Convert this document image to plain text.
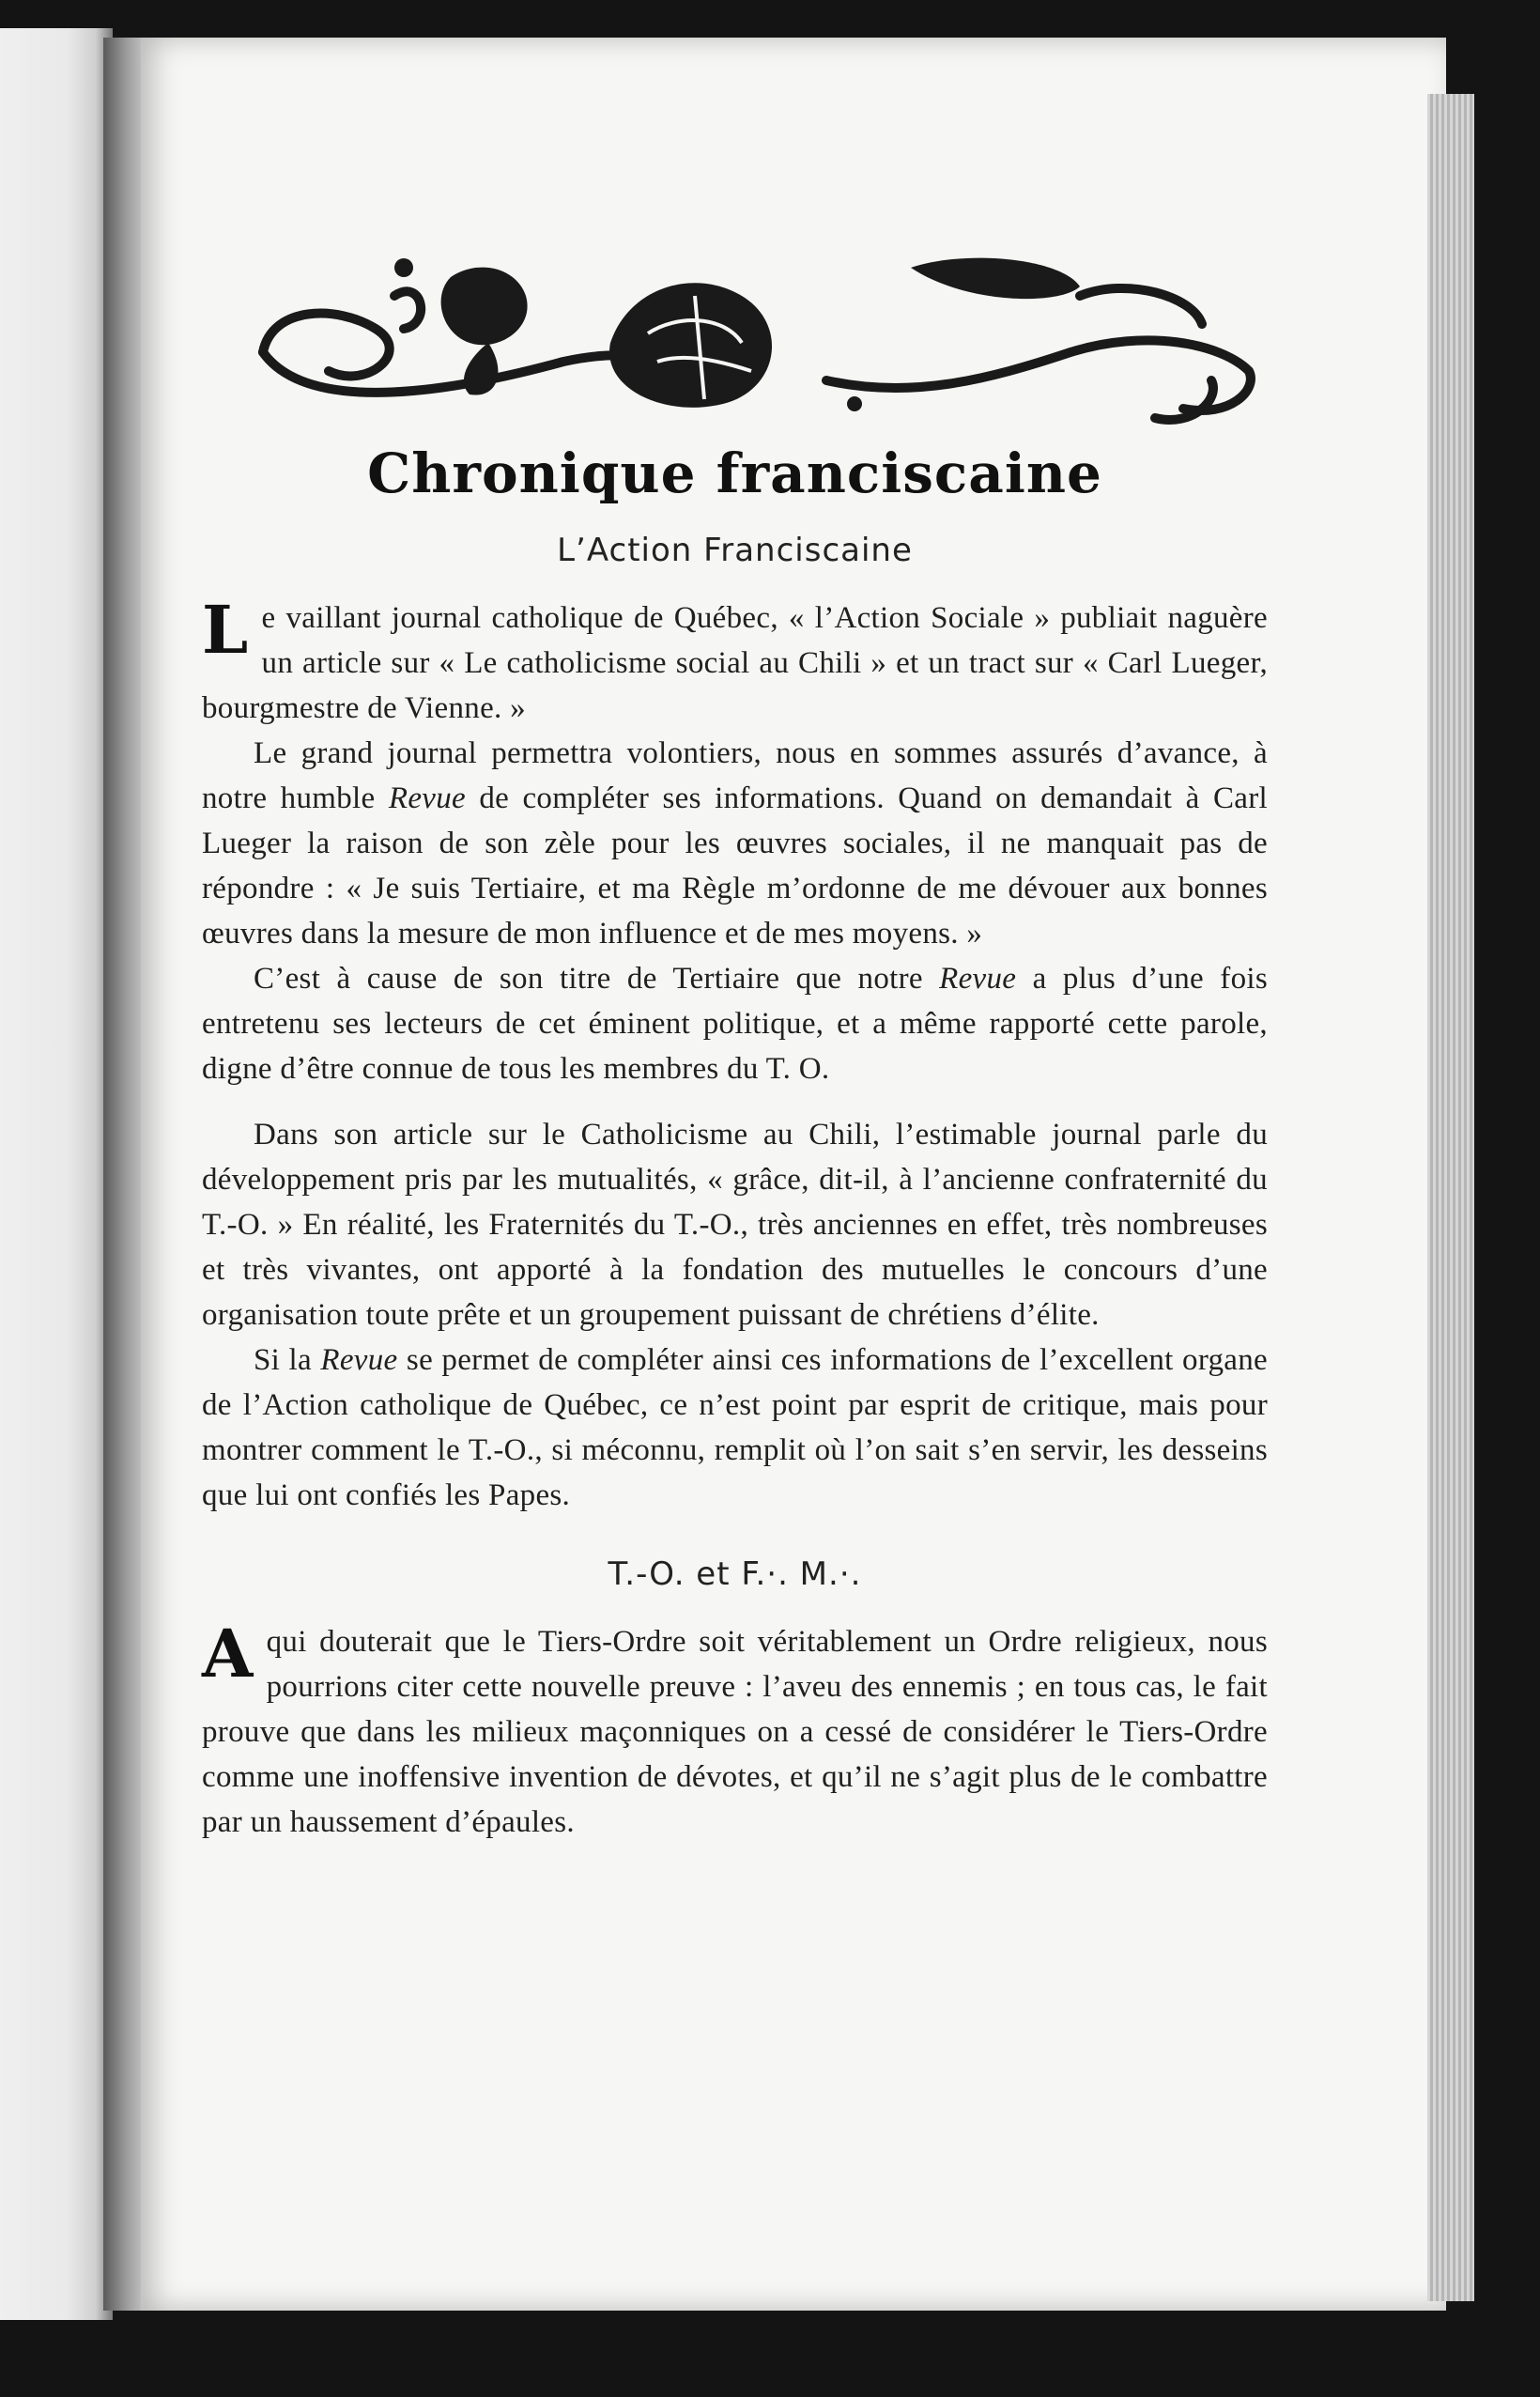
Chronique franciscaine
L’Action Franciscaine

Le vaillant journal catholique de Québec, « l’Action Sociale » publiait naguère un article sur « Le catholicisme social au Chili » et un tract sur « Carl Lueger, bourgmestre de Vienne. »

Le grand journal permettra volontiers, nous en sommes assurés d’avance, à notre humble Revue de compléter ses informations. Quand on demandait à Carl Lueger la raison de son zèle pour les œuvres sociales, il ne manquait pas de répondre : « Je suis Tertiaire, et ma Règle m’ordonne de me dévouer aux bonnes œuvres dans la mesure de mon influence et de mes moyens. »

C’est à cause de son titre de Tertiaire que notre Revue a plus d’une fois entretenu ses lecteurs de cet éminent politique, et a même rapporté cette parole, digne d’être connue de tous les membres du T. O.

Dans son article sur le Catholicisme au Chili, l’estimable journal parle du développement pris par les mutualités, « grâce, dit-il, à l’ancienne confraternité du T.-O. » En réalité, les Fraternités du T.-O., très anciennes en effet, très nombreuses et très vivantes, ont apporté à la fondation des mutuelles le concours d’une organisation toute prête et un groupement puissant de chrétiens d’élite.

Si la Revue se permet de compléter ainsi ces informations de l’excellent organe de l’Action catholique de Québec, ce n’est point par esprit de critique, mais pour montrer comment le T.-O., si méconnu, remplit où l’on sait s’en servir, les desseins que lui ont confiés les Papes.

T.-O. et F.·. M.·.

A qui douterait que le Tiers-Ordre soit véritablement un Ordre religieux, nous pourrions citer cette nouvelle preuve : l’aveu des ennemis ; en tous cas, le fait prouve que dans les milieux maçonniques on a cessé de considérer le Tiers-Ordre comme une inoffensive invention de dévotes, et qu’il ne s’agit plus de le combattre par un haussement d’épaules.
